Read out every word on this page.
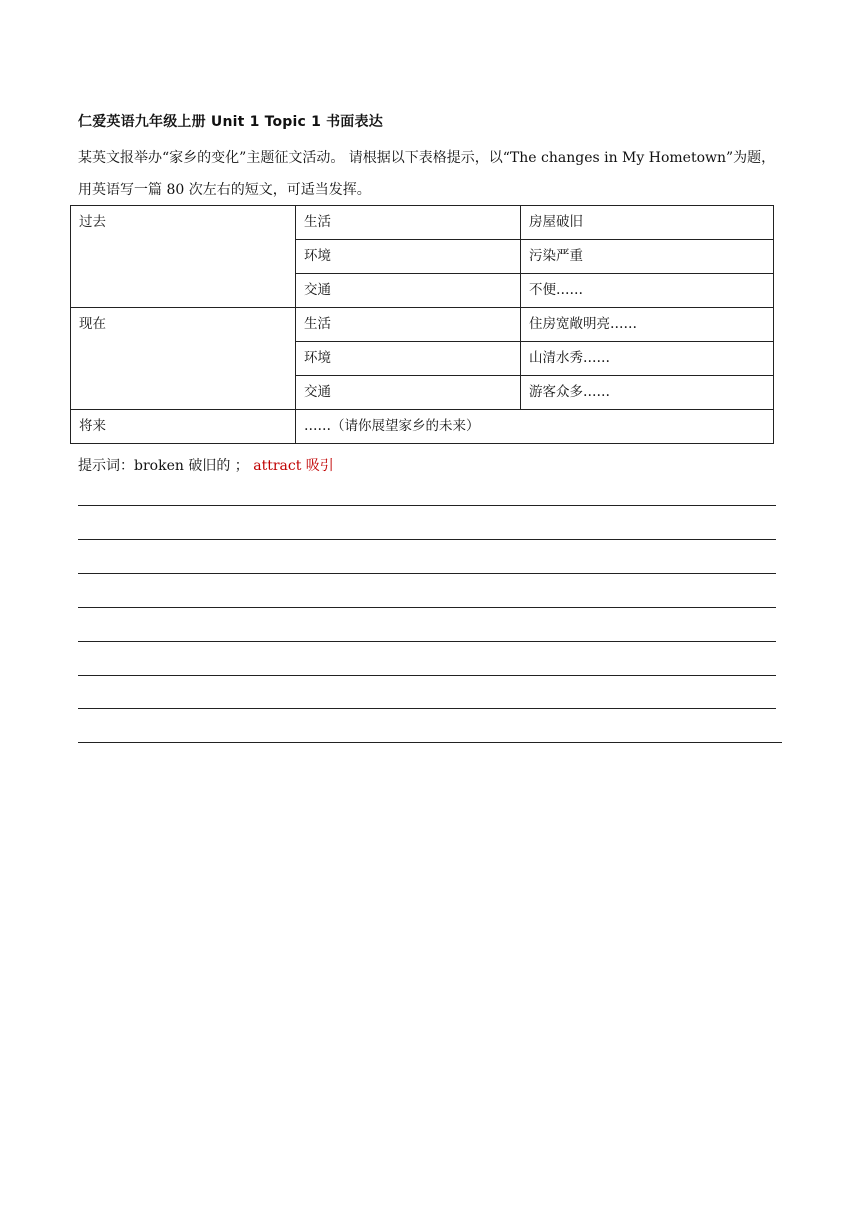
仁爱英语九年级上册 Unit 1 Topic 1 书面表达

某英文报举办“家乡的变化”主题征文活动。 请根据以下表格提示，以“The changes in My Hometown”为题，用英语写一篇 80 次左右的短文，可适当发挥。

过去	生活	房屋破旧
	环境	污染严重
	交通	不便……
现在	生活	住房宽敞明亮……
	环境	山清水秀……
	交通	游客众多……
将来	……（请你展望家乡的未来）	
提示词：broken 破旧的 ； attract 吸引
